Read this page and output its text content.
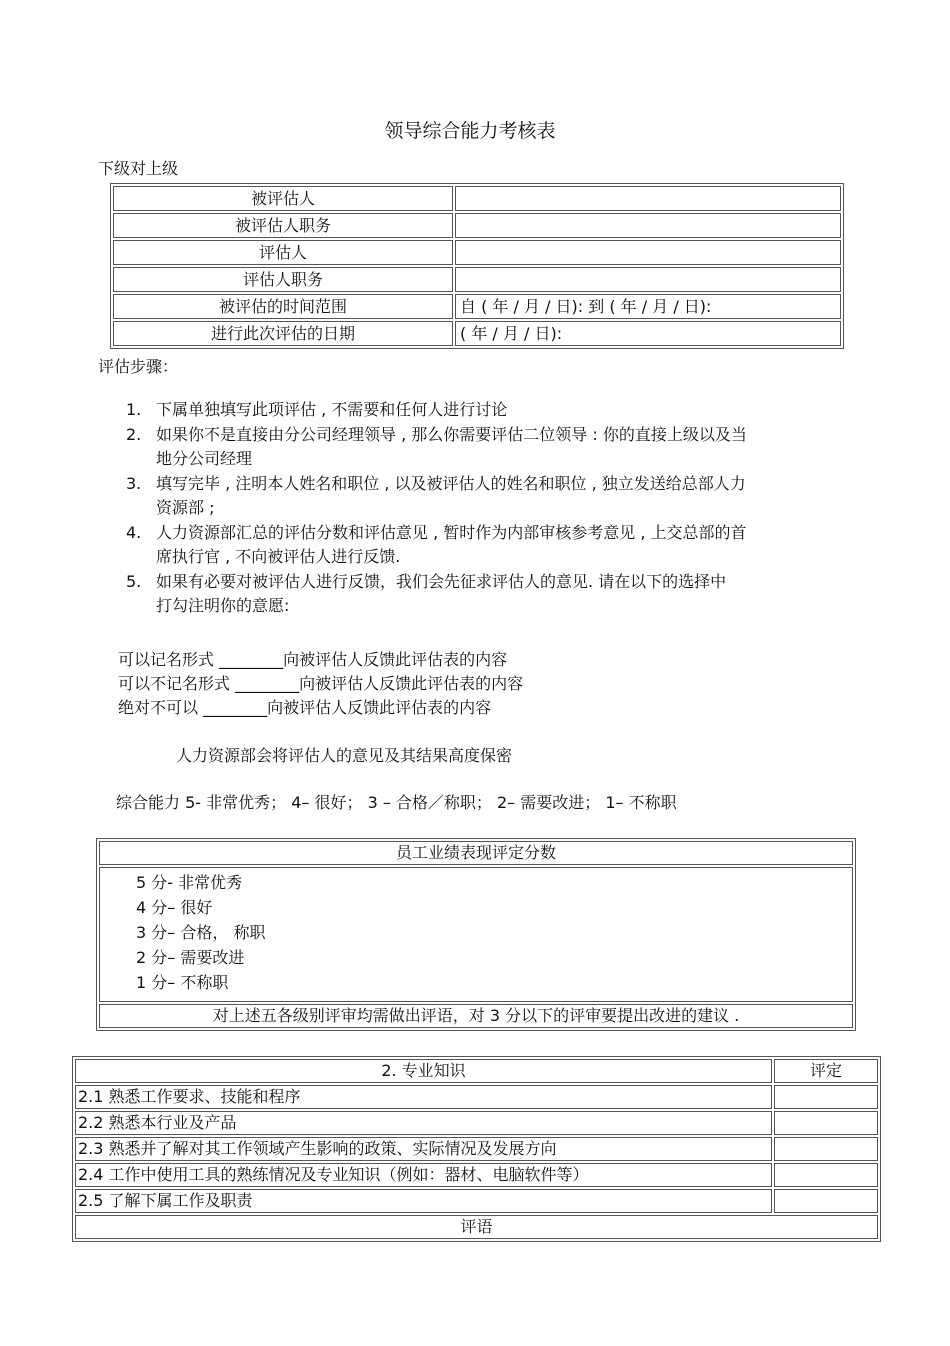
领导综合能力考核表
下级对上级
被评估人	
被评估人职务	
评估人	
评估人职务	
被评估的时间范围	自 ( 年 / 月 / 日): 到 ( 年 / 月 / 日):
进行此次评估的日期	( 年 / 月 / 日):
评估步骤：
1. 下属单独填写此项评估 , 不需要和任何人进行讨论
2. 如果你不是直接由分公司经理领导 , 那么你需要评估二位领导 : 你的直接上级以及当
地分公司经理
3. 填写完毕 , 注明本人姓名和职位 , 以及被评估人的姓名和职位 , 独立发送给总部人力
资源部 ;
4. 人力资源部汇总的评估分数和评估意见 , 暂时作为内部审核参考意见 , 上交总部的首
席执行官 , 不向被评估人进行反馈.
5. 如果有必要对被评估人进行反馈，我们会先征求评估人的意见. 请在以下的选择中
打勾注明你的意愿:
可以记名形式 ________向被评估人反馈此评估表的内容
可以不记名形式 ________向被评估人反馈此评估表的内容
绝对不可以 ________向被评估人反馈此评估表的内容
人力资源部会将评估人的意见及其结果高度保密
综合能力 5- 非常优秀； 4– 很好； 3 – 合格／称职； 2– 需要改进； 1– 不称职
员工业绩表现评定分数

5 分- 非常优秀
4 分– 很好
3 分– 合格， 称职
2 分– 需要改进
1 分– 不称职

对上述五各级别评审均需做出评语，对 3 分以下的评审要提出改进的建议 .
2. 专业知识	评定
2.1 熟悉工作要求、技能和程序	
2.2 熟悉本行业及产品	
2.3 熟悉并了解对其工作领域产生影响的政策、实际情况及发展方向	
2.4 工作中使用工具的熟练情况及专业知识（例如：器材、电脑软件等）	
2.5 了解下属工作及职责	
评语	
